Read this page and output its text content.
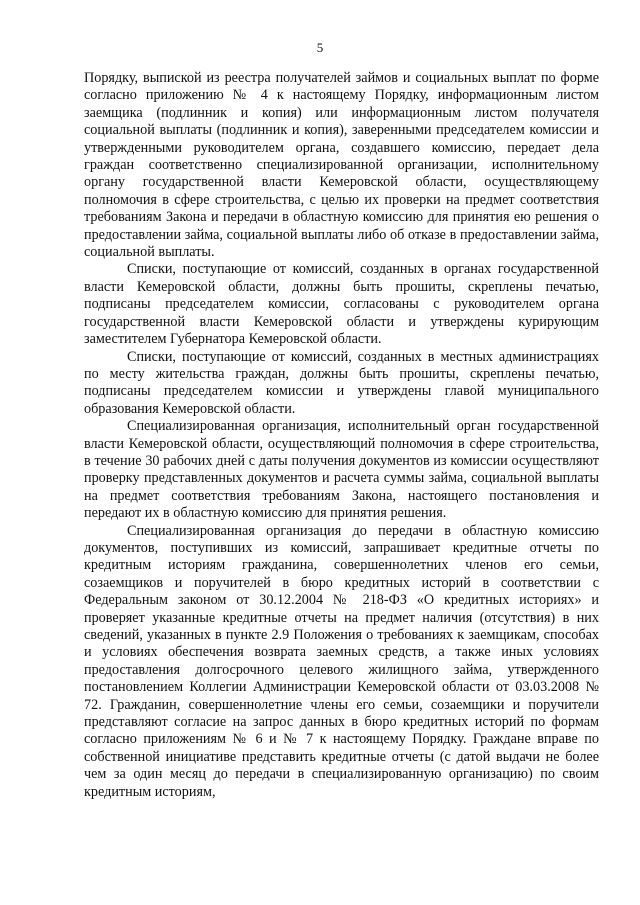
5

Порядку, выпиской из реестра получателей займов и социальных выплат по форме согласно приложению № 4 к настоящему Порядку, информационным листом заемщика (подлинник и копия) или информационным листом получателя социальной выплаты (подлинник и копия), заверенными председателем комиссии и утвержденными руководителем органа, создавшего комиссию, передает дела граждан соответственно специализированной организации, исполнительному органу государственной власти Кемеровской области, осуществляющему полномочия в сфере строительства, с целью их проверки на предмет соответствия требованиям Закона и передачи в областную комиссию для принятия ею решения о предоставлении займа, социальной выплаты либо об отказе в предоставлении займа, социальной выплаты.

Списки, поступающие от комиссий, созданных в органах государственной власти Кемеровской области, должны быть прошиты, скреплены печатью, подписаны председателем комиссии, согласованы с руководителем органа государственной власти Кемеровской области и утверждены курирующим заместителем Губернатора Кемеровской области.

Списки, поступающие от комиссий, созданных в местных администрациях по месту жительства граждан, должны быть прошиты, скреплены печатью, подписаны председателем комиссии и утверждены главой муниципального образования Кемеровской области.

Специализированная организация, исполнительный орган государственной власти Кемеровской области, осуществляющий полномочия в сфере строительства, в течение 30 рабочих дней с даты получения документов из комиссии осуществляют проверку представленных документов и расчета суммы займа, социальной выплаты на предмет соответствия требованиям Закона, настоящего постановления и передают их в областную комиссию для принятия решения.

Специализированная организация до передачи в областную комиссию документов, поступивших из комиссий, запрашивает кредитные отчеты по кредитным историям гражданина, совершеннолетних членов его семьи, созаемщиков и поручителей в бюро кредитных историй в соответствии с Федеральным законом от 30.12.2004 № 218-ФЗ «О кредитных историях» и проверяет указанные кредитные отчеты на предмет наличия (отсутствия) в них сведений, указанных в пункте 2.9 Положения о требованиях к заемщикам, способах и условиях обеспечения возврата заемных средств, а также иных условиях предоставления долгосрочного целевого жилищного займа, утвержденного постановлением Коллегии Администрации Кемеровской области от 03.03.2008 № 72. Гражданин, совершеннолетние члены его семьи, созаемщики и поручители представляют согласие на запрос данных в бюро кредитных историй по формам согласно приложениям № 6 и № 7 к настоящему Порядку. Граждане вправе по собственной инициативе представить кредитные отчеты (с датой выдачи не более чем за один месяц до передачи в специализированную организацию) по своим кредитным историям,
